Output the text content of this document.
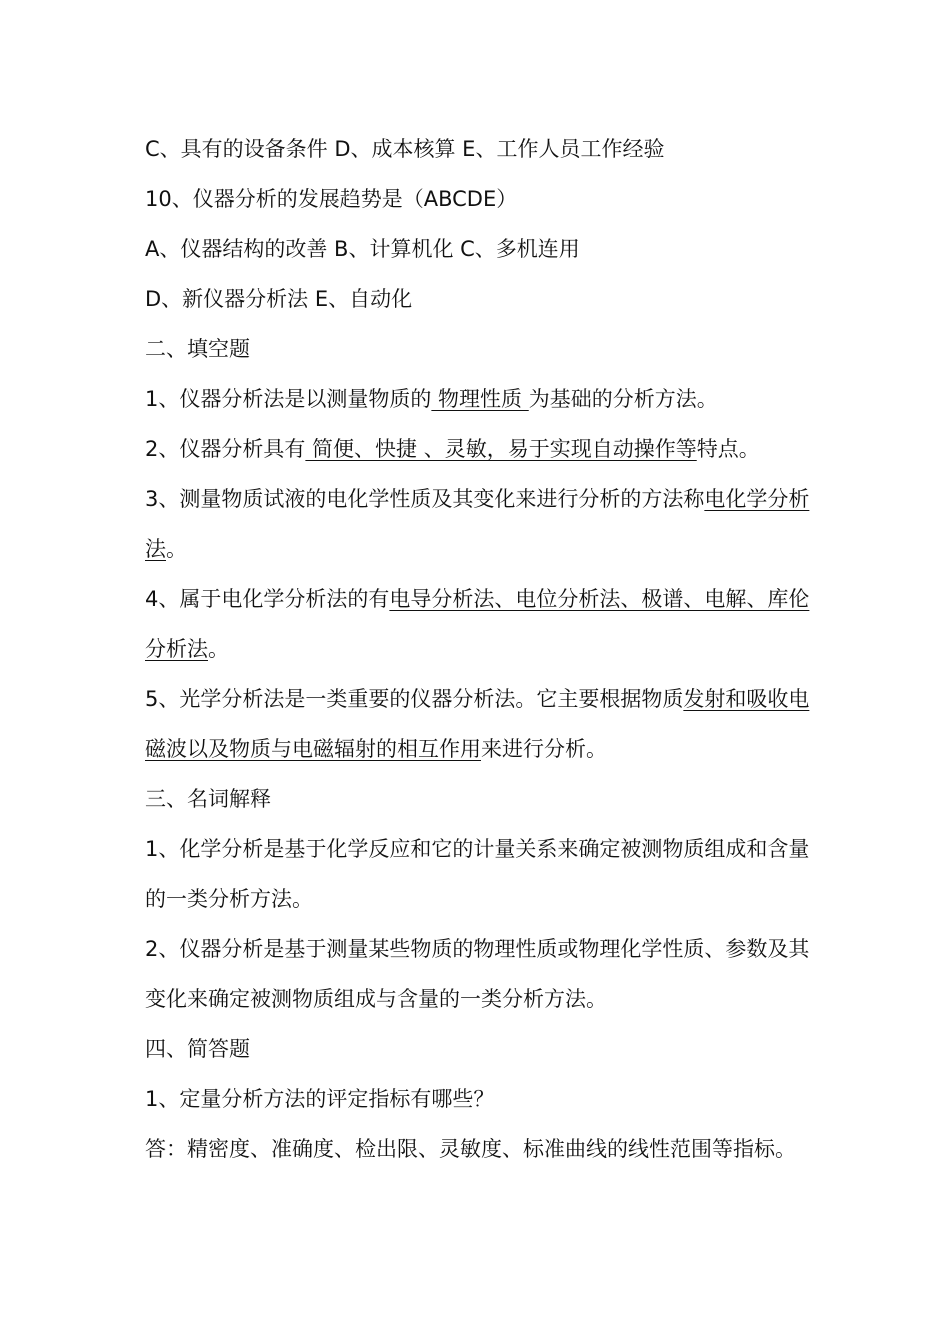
C、具有的设备条件 D、成本核算 E、工作人员工作经验

10、仪器分析的发展趋势是（ABCDE）

A、仪器结构的改善 B、计算机化 C、多机连用

D、新仪器分析法 E、自动化

二、填空题

1、仪器分析法是以测量物质的 物理性质 为基础的分析方法。

2、仪器分析具有 简便、快捷 、灵敏，易于实现自动操作等特点。

3、测量物质试液的电化学性质及其变化来进行分析的方法称电化学分析法。

4、属于电化学分析法的有电导分析法、电位分析法、极谱、电解、库伦分析法。

5、光学分析法是一类重要的仪器分析法。它主要根据物质发射和吸收电磁波以及物质与电磁辐射的相互作用来进行分析。

三、名词解释

1、化学分析是基于化学反应和它的计量关系来确定被测物质组成和含量的一类分析方法。

2、仪器分析是基于测量某些物质的物理性质或物理化学性质、参数及其变化来确定被测物质组成与含量的一类分析方法。

四、简答题

1、定量分析方法的评定指标有哪些？

答：精密度、准确度、检出限、灵敏度、标准曲线的线性范围等指标。
